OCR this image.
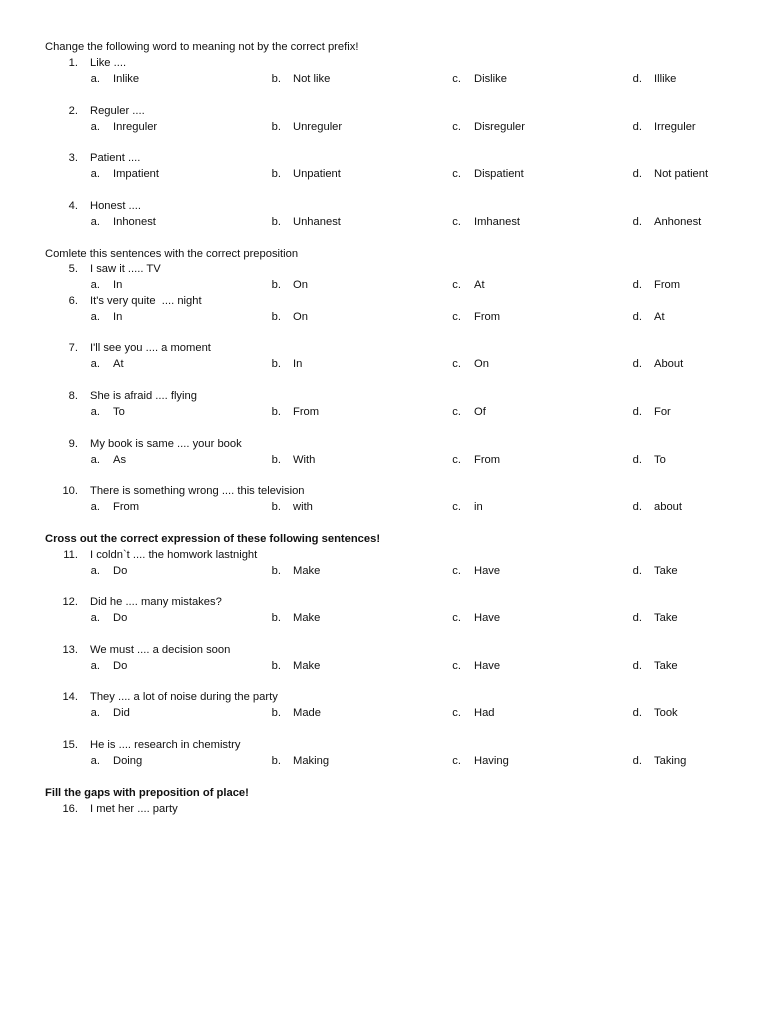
Change the following word to meaning not by the correct prefix!
1. Like ....
a. Inlike	b. Not like	c. Dislike	d. Illike
2. Reguler ....
a. Inreguler	b. Unreguler	c. Disreguler	d. Irreguler
3. Patient ....
a. Impatient	b. Unpatient	c. Dispatient	d. Not patient
4. Honest ....
a. Inhonest	b. Unhanest	c. Imhanest	d. Anhonest
Comlete this sentences with the correct preposition
5. I saw it ..... TV
a. In	b. On	c. At	d. From
6. It's very quite  .... night
a. In	b. On	c. From	d. At
7. I'll see you .... a moment
a. At	b. In	c. On	d. About
8. She is afraid .... flying
a. To	b. From	c. Of	d. For
9. My book is same .... your book
a. As	b. With	c. From	d. To
10. There is something wrong .... this television
a. From	b. with	c. in	d. about
Cross out the correct expression of these following sentences!
11. I coldn`t .... the homwork lastnight
a. Do	b. Make	c. Have	d. Take
12. Did he .... many mistakes?
a. Do	b. Make	c. Have	d. Take
13. We must .... a decision soon
a. Do	b. Make	c. Have	d. Take
14. They .... a lot of noise during the party
a. Did	b. Made	c. Had	d. Took
15. He is .... research in chemistry
a. Doing	b. Making	c. Having	d. Taking
Fill the gaps with preposition of place!
16. I met her .... party
